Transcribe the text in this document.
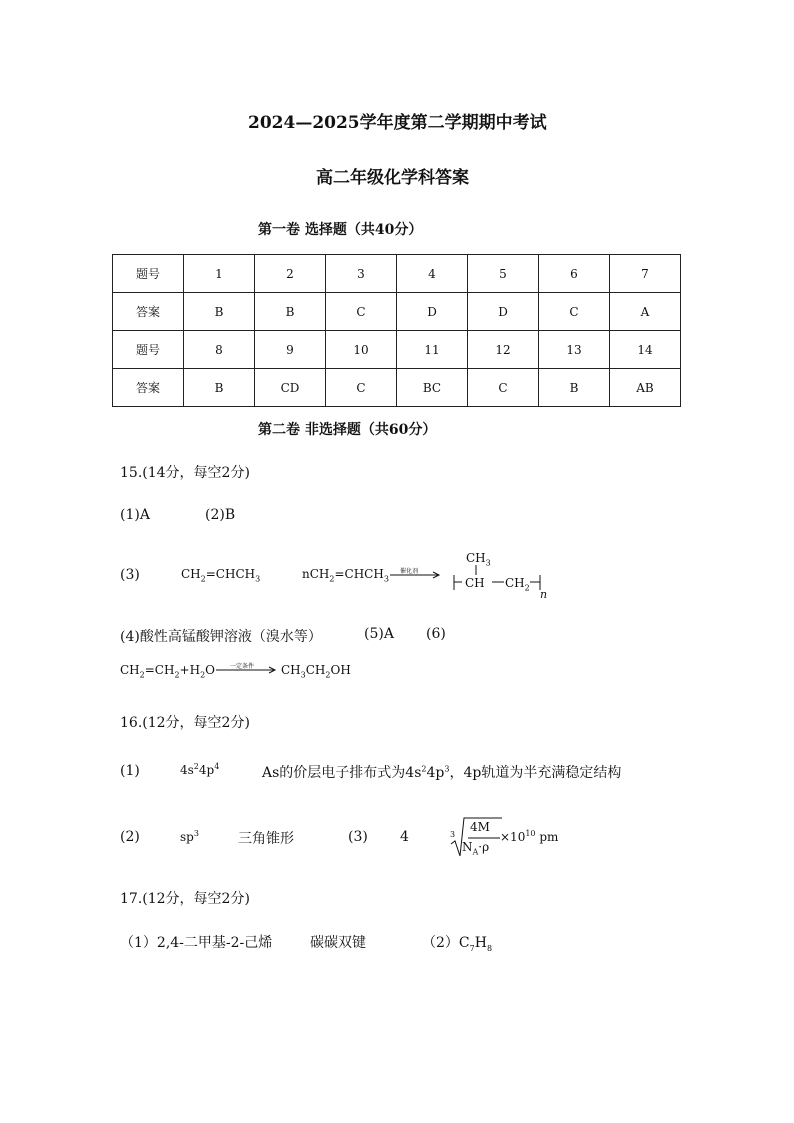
2024—2025学年度第二学期期中考试
高二年级化学科答案
第一卷 选择题（共40分）
题号	1	2	3	4	5	6	7
答案	B	B	C	D	D	C	A
题号	8	9	10	11	12	13	14
答案	B	CD	C	BC	C	B	AB
第二卷 非选择题（共60分）
15.(14分，每空2分)
(1)A	(2)B
(3)	$CH_2=CHCH_3$	$nCH_2=CHCH_3$
催化剂
$CH_3$
CH $CH_2$
n
(4)酸性高锰酸钾溶液（溴水等）	(5)A (6)
$CH_2=CH_2+H_2O$ 一定条件 $CH_3CH_2OH$
16.(12分，每空2分)
(1)	$4s^24p^4$	As的价层电子排布式为$4s^24p^3$，4p轨道为半充满稳定结构
(2)	$sp^3$	三角锥形	(3) 4	3
4M
$N_A\cdot\rho$
$\times 10^{10}$ pm
17.(12分，每空2分)
（1）2,4-二甲基-2-己烯	碳碳双键	$(2)C_7H_8$
